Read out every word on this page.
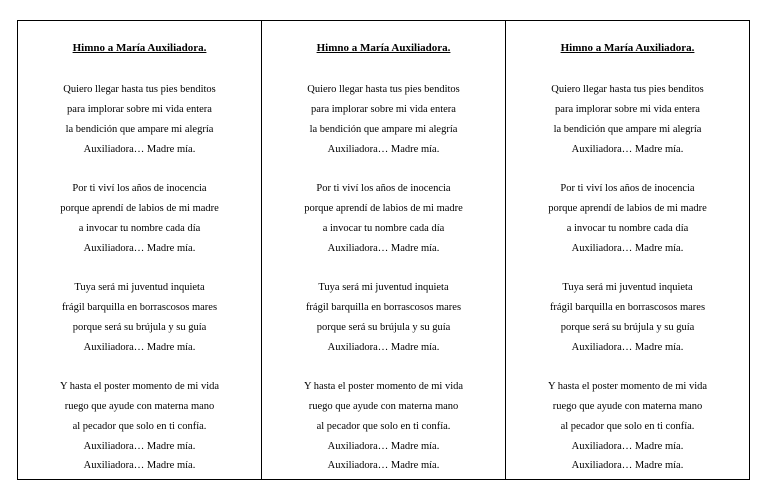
Himno a María Auxiliadora.
Quiero llegar hasta tus pies benditos
para implorar sobre mi vida entera
la bendición que ampare mi alegría
Auxiliadora… Madre mía.
Por ti viví los años de inocencia
porque aprendí de labios de mi madre
a invocar tu nombre cada día
Auxiliadora… Madre mía.
Tuya será mi juventud inquieta
frágil barquilla en borrascosos mares
porque será su brújula y su guía
Auxiliadora… Madre mía.
Y hasta el poster momento de mi vida
ruego que ayude con materna mano
al pecador que solo en ti confía.
Auxiliadora… Madre mía.
Auxiliadora… Madre mía.
Himno a María Auxiliadora.
Quiero llegar hasta tus pies benditos
para implorar sobre mi vida entera
la bendición que ampare mi alegría
Auxiliadora… Madre mía.
Por ti viví los años de inocencia
porque aprendí de labios de mi madre
a invocar tu nombre cada día
Auxiliadora… Madre mía.
Tuya será mi juventud inquieta
frágil barquilla en borrascosos mares
porque será su brújula y su guía
Auxiliadora… Madre mía.
Y hasta el poster momento de mi vida
ruego que ayude con materna mano
al pecador que solo en ti confía.
Auxiliadora… Madre mía.
Auxiliadora… Madre mía.
Himno a María Auxiliadora.
Quiero llegar hasta tus pies benditos
para implorar sobre mi vida entera
la bendición que ampare mi alegría
Auxiliadora… Madre mía.
Por ti viví los años de inocencia
porque aprendí de labios de mi madre
a invocar tu nombre cada día
Auxiliadora… Madre mía.
Tuya será mi juventud inquieta
frágil barquilla en borrascosos mares
porque será su brújula y su guía
Auxiliadora… Madre mía.
Y hasta el poster momento de mi vida
ruego que ayude con materna mano
al pecador que solo en ti confía.
Auxiliadora… Madre mía.
Auxiliadora… Madre mía.
